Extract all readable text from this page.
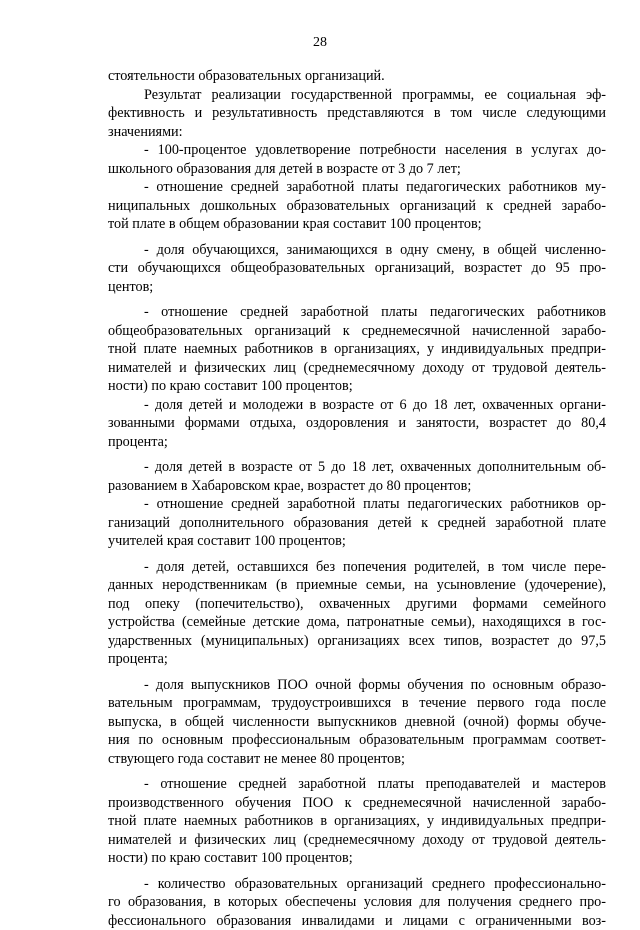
28
стоятельности образовательных организаций.
Результат реализации государственной программы, ее социальная эф-
фективность и результативность представляются в том числе следующими
значениями:
- 100-процентое удовлетворение потребности населения в услугах до-
школьного образования для детей в возрасте от 3 до 7 лет;
- отношение средней заработной платы педагогических работников му-
ниципальных дошкольных образовательных организаций к средней зарабо-
той плате в общем образовании края составит 100 процентов;
- доля обучающихся, занимающихся в одну смену, в общей численно-
сти обучающихся общеобразовательных организаций, возрастет до 95 про-
центов;
- отношение средней заработной платы педагогических работников
общеобразовательных организаций к среднемесячной начисленной зарабо-
тной плате наемных работников в организациях, у индивидуальных предпри-
нимателей и физических лиц (среднемесячному доходу от трудовой деятель-
ности) по краю составит 100 процентов;
- доля детей и молодежи в возрасте от 6 до 18 лет, охваченных органи-
зованными формами отдыха, оздоровления и занятости, возрастет до 80,4
процента;
- доля детей в возрасте от 5 до 18 лет, охваченных дополнительным об-
разованием в Хабаровском крае, возрастет до 80 процентов;
- отношение средней заработной платы педагогических работников ор-
ганизаций дополнительного образования детей к средней заработной плате
учителей края составит 100 процентов;
- доля детей, оставшихся без попечения родителей, в том числе пере-
данных неродственникам (в приемные семьи, на усыновление (удочерение),
под опеку (попечительство), охваченных другими формами семейного
устройства (семейные детские дома, патронатные семьи), находящихся в гос-
ударственных (муниципальных) организациях всех типов, возрастет до 97,5
процента;
- доля выпускников ПОО очной формы обучения по основным образо-
вательным программам, трудоустроившихся в течение первого года после
выпуска, в общей численности выпускников дневной (очной) формы обуче-
ния по основным профессиональным образовательным программам соответ-
ствующего года составит не менее 80 процентов;
- отношение средней заработной платы преподавателей и мастеров
производственного обучения ПОО к среднемесячной начисленной зарабо-
тной плате наемных работников в организациях, у индивидуальных предпри-
нимателей и физических лиц (среднемесячному доходу от трудовой деятель-
ности) по краю составит 100 процентов;
- количество образовательных организаций среднего профессионально-
го образования, в которых обеспечены условия для получения среднего про-
фессионального образования инвалидами и лицами с ограниченными воз-
